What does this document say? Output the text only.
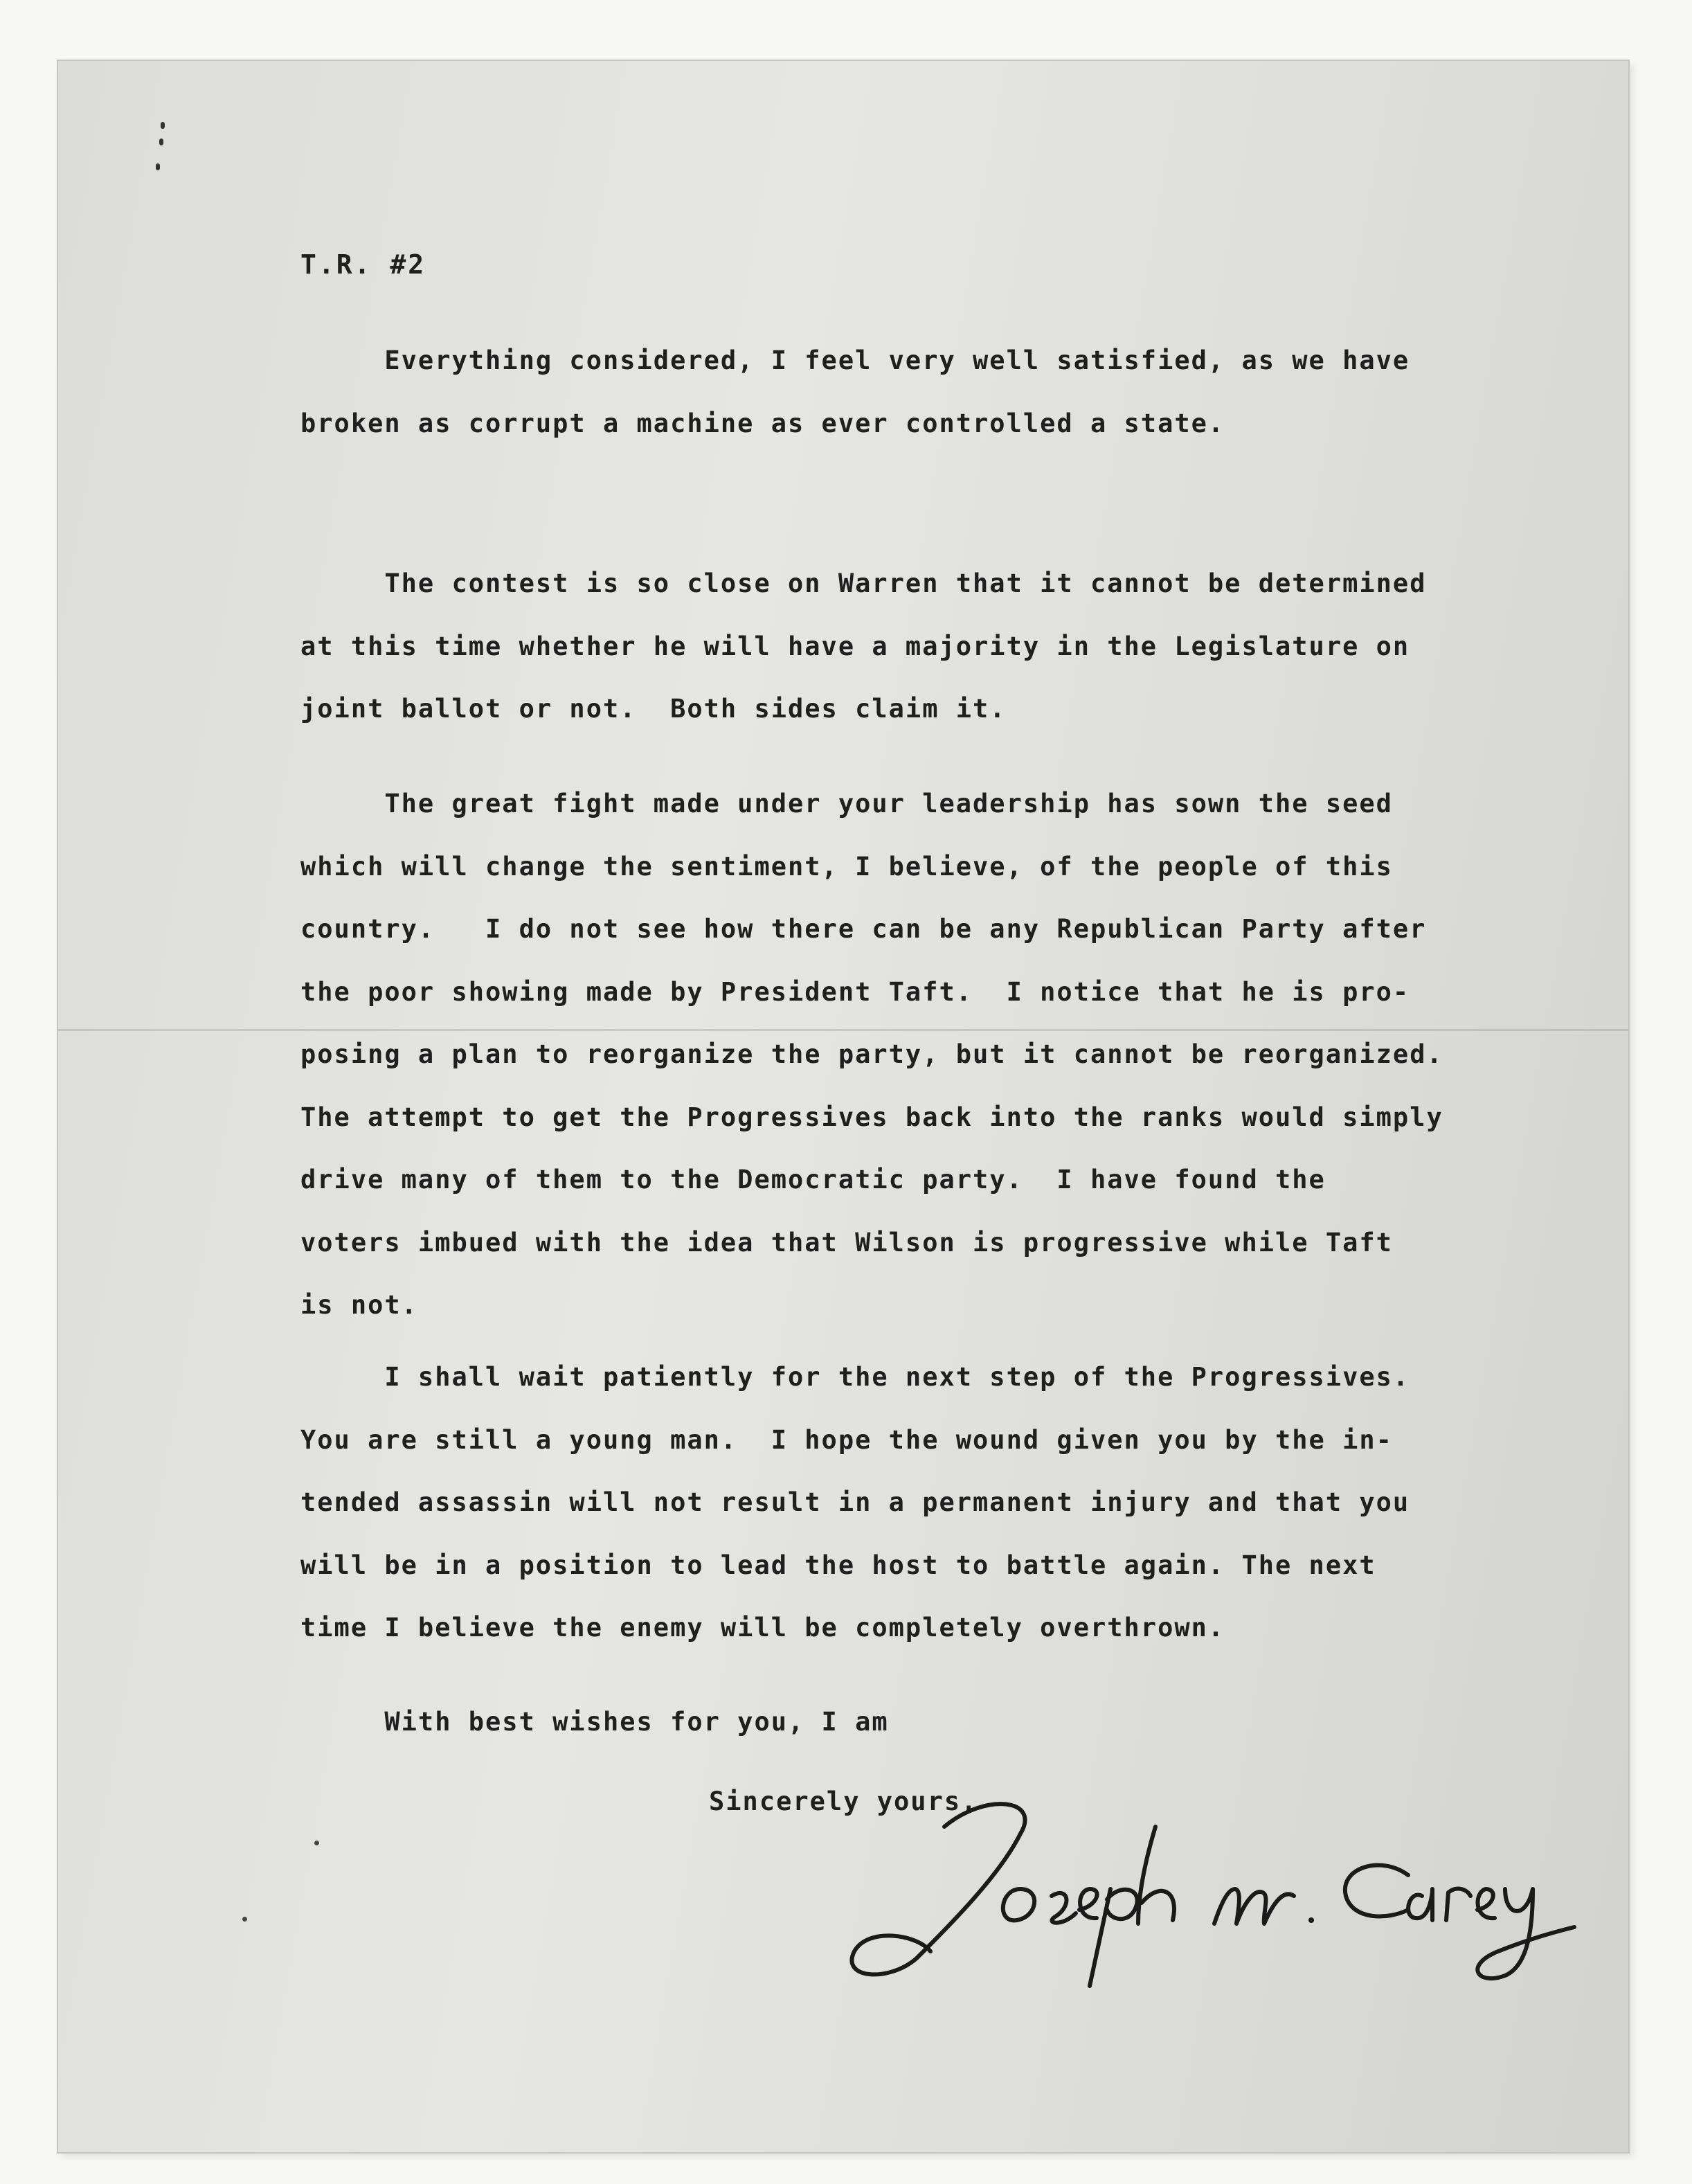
T.R. #2
Everything considered, I feel very well satisfied, as we have
broken as corrupt a machine as ever controlled a state.
The contest is so close on Warren that it cannot be determined
at this time whether he will have a majority in the Legislature on
joint ballot or not.  Both sides claim it.
The great fight made under your leadership has sown the seed
which will change the sentiment, I believe, of the people of this
country.   I do not see how there can be any Republican Party after
the poor showing made by President Taft.  I notice that he is pro-
posing a plan to reorganize the party, but it cannot be reorganized.
The attempt to get the Progressives back into the ranks would simply
drive many of them to the Democratic party.  I have found the
voters imbued with the idea that Wilson is progressive while Taft
is not.
I shall wait patiently for the next step of the Progressives.
You are still a young man.  I hope the wound given you by the in-
tended assassin will not result in a permanent injury and that you
will be in a position to lead the host to battle again. The next
time I believe the enemy will be completely overthrown.
With best wishes for you, I am
Sincerely yours,
